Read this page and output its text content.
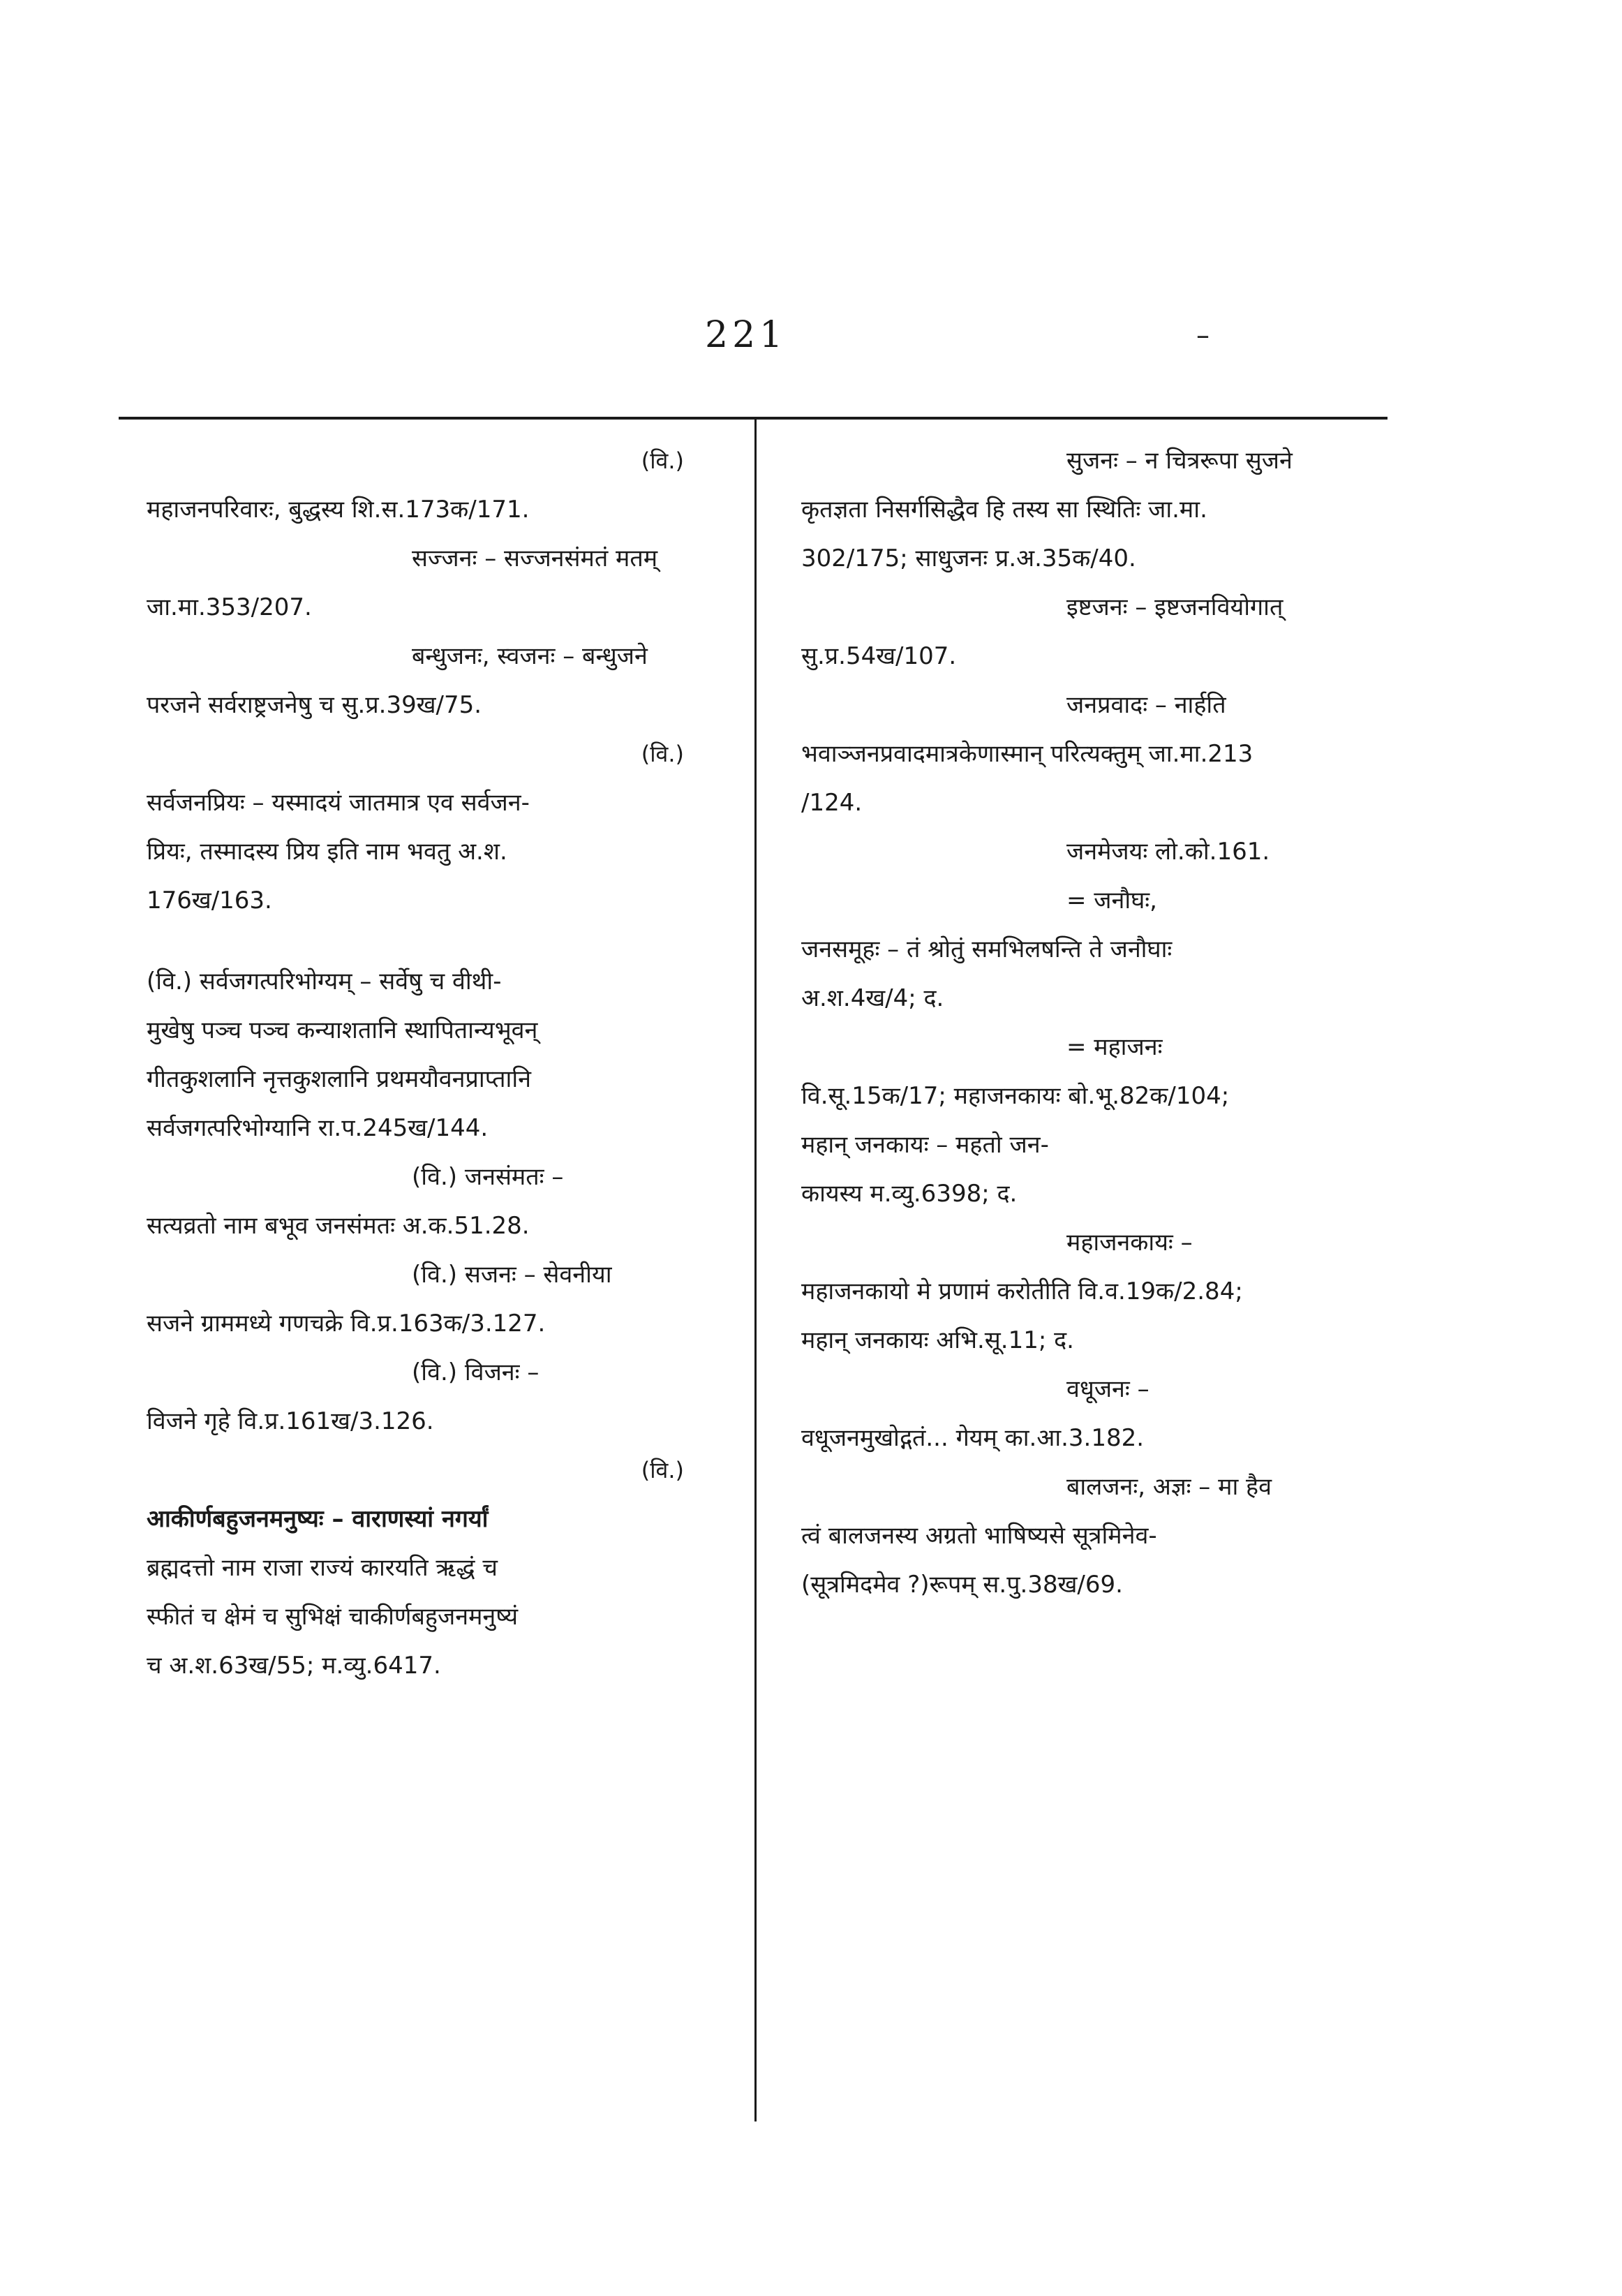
221	–
(वि.)
महाजनपरिवारः, बुद्धस्य शि.स.173क/171.
सज्जनः – सज्जनसंमतं मतम्
जा.मा.353/207.
बन्धुजनः, स्वजनः – बन्धुजने
परजने सर्वराष्ट्रजनेषु च सु.प्र.39ख/75.
(वि.)
सर्वजनप्रियः – यस्मादयं जातमात्र एव सर्वजन-
प्रियः, तस्मादस्य प्रिय इति नाम भवतु अ.श.
176ख/163.
(वि.) सर्वजगत्परिभोग्यम् – सर्वेषु च वीथी-
मुखेषु पञ्च पञ्च कन्याशतानि स्थापितान्यभूवन्
गीतकुशलानि नृत्तकुशलानि प्रथमयौवनप्राप्तानि
सर्वजगत्परिभोग्यानि रा.प.245ख/144.
(वि.) जनसंमतः –
सत्यव्रतो नाम बभूव जनसंमतः अ.क.51.28.
(वि.) सजनः – सेवनीया
सजने ग्राममध्ये गणचक्रे वि.प्र.163क/3.127.
(वि.) विजनः –
विजने गृहे वि.प्र.161ख/3.126.
(वि.)
आकीर्णबहुजनमनुष्यः – वाराणस्यां नगर्यां
ब्रह्मदत्तो नाम राजा राज्यं कारयति ऋद्धं च
स्फीतं च क्षेमं च सुभिक्षं चाकीर्णबहुजनमनुष्यं
च अ.श.63ख/55; म.व्यु.6417.
सुजनः – न चित्ररूपा सुजने
कृतज्ञता निसर्गसिद्धैव हि तस्य सा स्थितिः जा.मा.
302/175; साधुजनः प्र.अ.35क/40.
इष्टजनः – इष्टजनवियोगात्
सु.प्र.54ख/107.
जनप्रवादः – नार्हति
भवाञ्जनप्रवादमात्रकेणास्मान् परित्यक्तुम् जा.मा.213
/124.
जनमेजयः लो.को.161.
= जनौघः,
जनसमूहः – तं श्रोतुं समभिलषन्ति ते जनौघाः
अ.श.4ख/4; द.
= महाजनः
वि.सू.15क/17; महाजनकायः बो.भू.82क/104;
महान् जनकायः – महतो जन-
कायस्य म.व्यु.6398; द.
महाजनकायः –
महाजनकायो मे प्रणामं करोतीति वि.व.19क/2.84;
महान् जनकायः अभि.सू.11; द.
वधूजनः –
वधूजनमुखोद्गतं... गेयम् का.आ.3.182.
बालजनः, अज्ञः – मा हैव
त्वं बालजनस्य अग्रतो भाषिष्यसे सूत्रमिनेव-
(सूत्रमिदमेव ?)रूपम् स.पु.38ख/69.
